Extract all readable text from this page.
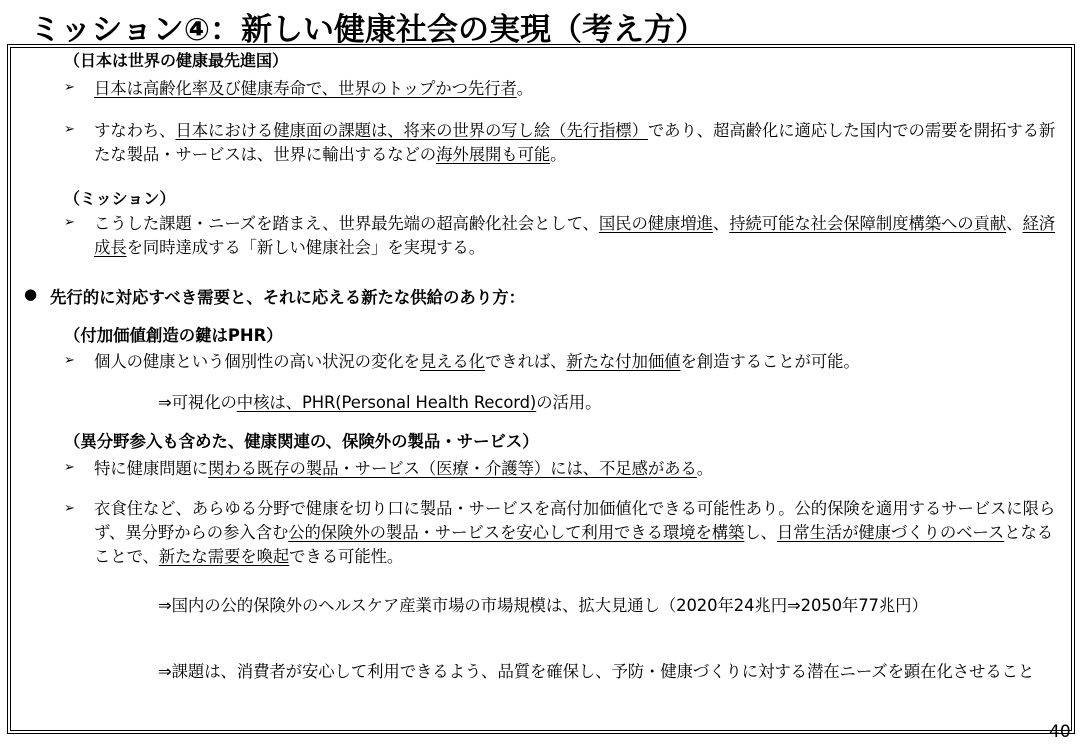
ミッション④：新しい健康社会の実現（考え方）
（日本は世界の健康最先進国）
➢ 日本は高齢化率及び健康寿命で、世界のトップかつ先行者。
➢ すなわち、日本における健康面の課題は、将来の世界の写し絵（先行指標）であり、超高齢化に適応した国内での需要を開拓する新たな製品・サービスは、世界に輸出するなどの海外展開も可能。
（ミッション）
➢ こうした課題・ニーズを踏まえ、世界最先端の超高齢化社会として、国民の健康増進、持続可能な社会保障制度構築への貢献、経済成長を同時達成する「新しい健康社会」を実現する。
● 先行的に対応すべき需要と、それに応える新たな供給のあり方：
（付加価値創造の鍵はPHR）
➢ 個人の健康という個別性の高い状況の変化を見える化できれば、新たな付加価値を創造することが可能。
⇒可視化の中核は、PHR(Personal Health Record)の活用。
（異分野参入も含めた、健康関連の、保険外の製品・サービス）
➢ 特に健康問題に関わる既存の製品・サービス（医療・介護等）には、不足感がある。
➢ 衣食住など、あらゆる分野で健康を切り口に製品・サービスを高付加価値化できる可能性あり。公的保険を適用するサービスに限らず、異分野からの参入含む公的保険外の製品・サービスを安心して利用できる環境を構築し、日常生活が健康づくりのベースとなることで、新たな需要を喚起できる可能性。
⇒国内の公的保険外のヘルスケア産業市場の市場規模は、拡大見通し（2020年24兆円⇒2050年77兆円）
⇒課題は、消費者が安心して利用できるよう、品質を確保し、予防・健康づくりに対する潜在ニーズを顕在化させること
40
